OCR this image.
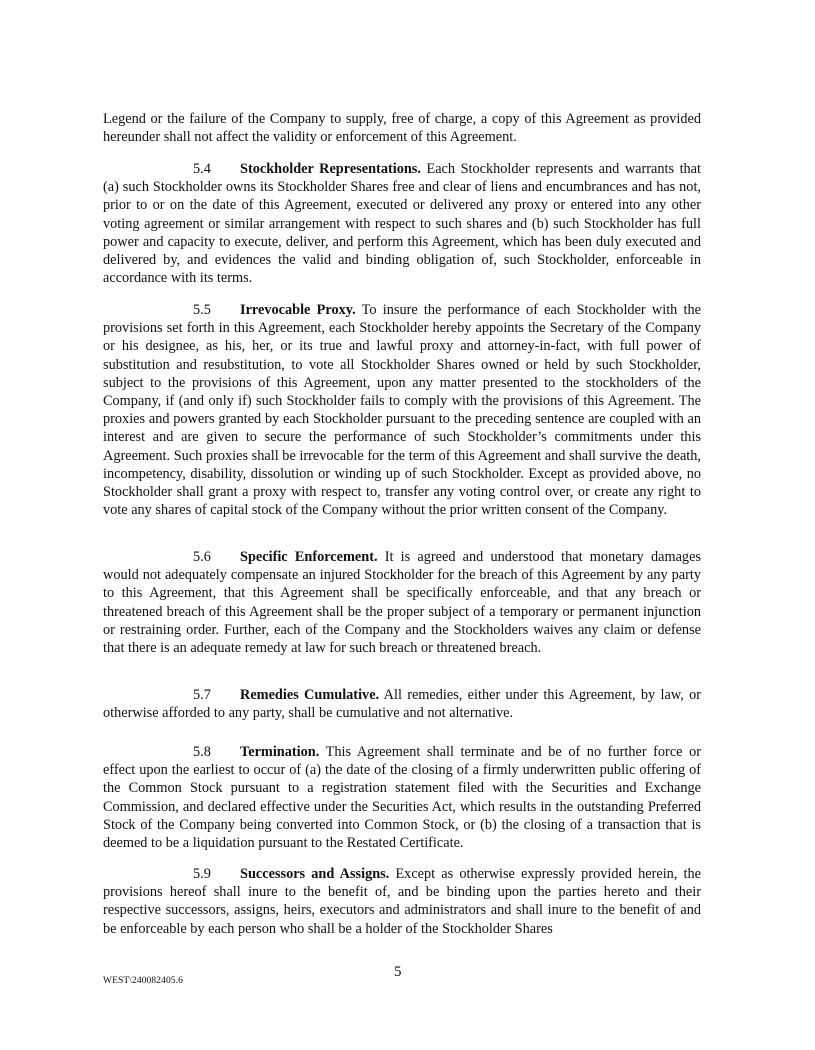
Legend or the failure of the Company to supply, free of charge, a copy of this Agreement as provided hereunder shall not affect the validity or enforcement of this Agreement.

5.4 Stockholder Representations. Each Stockholder represents and warrants that (a) such Stockholder owns its Stockholder Shares free and clear of liens and encumbrances and has not, prior to or on the date of this Agreement, executed or delivered any proxy or entered into any other voting agreement or similar arrangement with respect to such shares and (b) such Stockholder has full power and capacity to execute, deliver, and perform this Agreement, which has been duly executed and delivered by, and evidences the valid and binding obligation of, such Stockholder, enforceable in accordance with its terms.

5.5 Irrevocable Proxy. To insure the performance of each Stockholder with the provisions set forth in this Agreement, each Stockholder hereby appoints the Secretary of the Company or his designee, as his, her, or its true and lawful proxy and attorney-in-fact, with full power of substitution and resubstitution, to vote all Stockholder Shares owned or held by such Stockholder, subject to the provisions of this Agreement, upon any matter presented to the stockholders of the Company, if (and only if) such Stockholder fails to comply with the provisions of this Agreement. The proxies and powers granted by each Stockholder pursuant to the preceding sentence are coupled with an interest and are given to secure the performance of such Stockholder’s commitments under this Agreement. Such proxies shall be irrevocable for the term of this Agreement and shall survive the death, incompetency, disability, dissolution or winding up of such Stockholder. Except as provided above, no Stockholder shall grant a proxy with respect to, transfer any voting control over, or create any right to vote any shares of capital stock of the Company without the prior written consent of the Company.

5.6 Specific Enforcement. It is agreed and understood that monetary damages would not adequately compensate an injured Stockholder for the breach of this Agreement by any party to this Agreement, that this Agreement shall be specifically enforceable, and that any breach or threatened breach of this Agreement shall be the proper subject of a temporary or permanent injunction or restraining order. Further, each of the Company and the Stockholders waives any claim or defense that there is an adequate remedy at law for such breach or threatened breach.

5.7 Remedies Cumulative. All remedies, either under this Agreement, by law, or otherwise afforded to any party, shall be cumulative and not alternative.

5.8 Termination. This Agreement shall terminate and be of no further force or effect upon the earliest to occur of (a) the date of the closing of a firmly underwritten public offering of the Common Stock pursuant to a registration statement filed with the Securities and Exchange Commission, and declared effective under the Securities Act, which results in the outstanding Preferred Stock of the Company being converted into Common Stock, or (b) the closing of a transaction that is deemed to be a liquidation pursuant to the Restated Certificate.

5.9 Successors and Assigns. Except as otherwise expressly provided herein, the provisions hereof shall inure to the benefit of, and be binding upon the parties hereto and their respective successors, assigns, heirs, executors and administrators and shall inure to the benefit of and be enforceable by each person who shall be a holder of the Stockholder Shares

5
WEST\240082405.6
